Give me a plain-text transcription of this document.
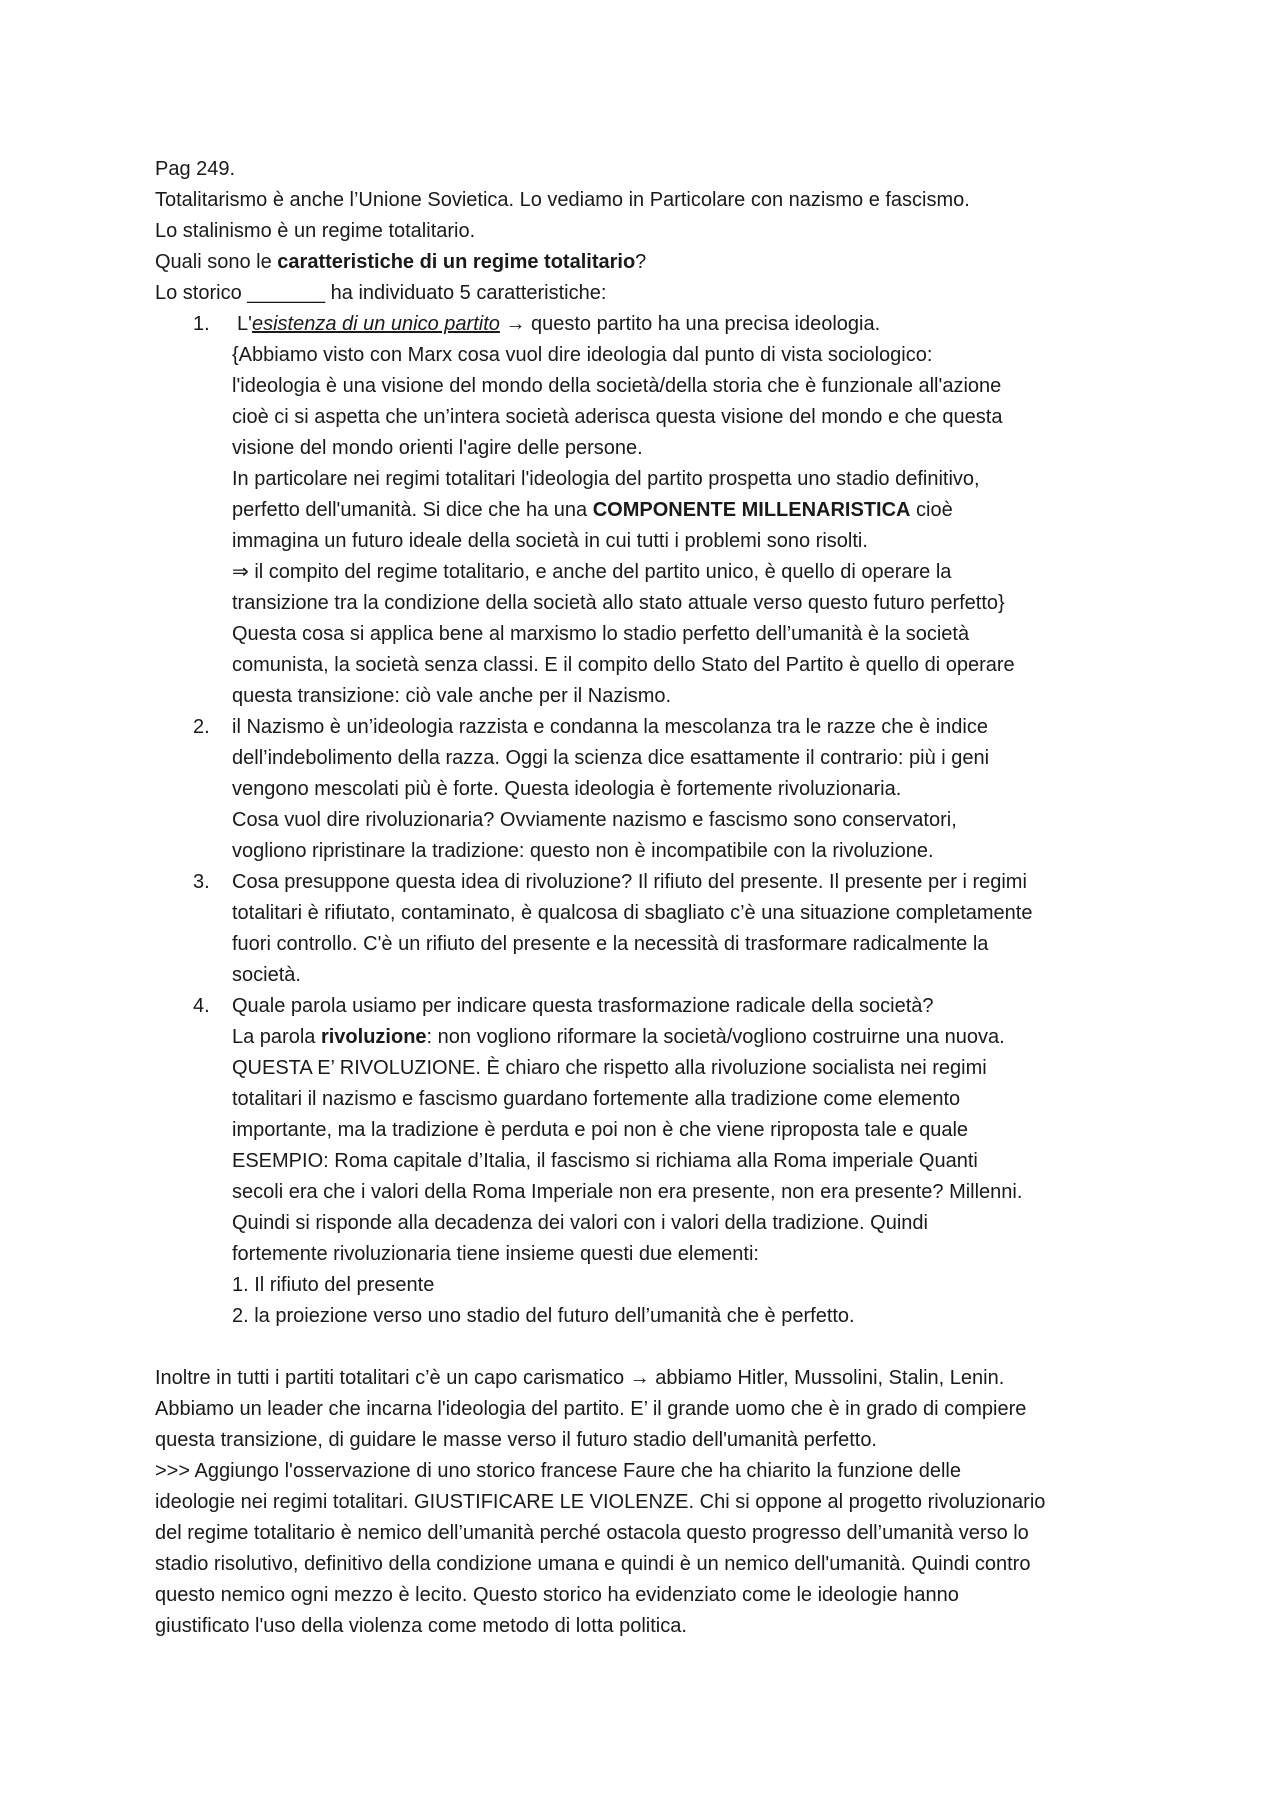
Pag 249.
Totalitarismo è anche l’Unione Sovietica. Lo vediamo in Particolare con nazismo e fascismo.
Lo stalinismo è un regime totalitario.
Quali sono le caratteristiche di un regime totalitario?
Lo storico _______ ha individuato 5 caratteristiche:
1. L'esistenza di un unico partito → questo partito ha una precisa ideologia.
{Abbiamo visto con Marx cosa vuol dire ideologia dal punto di vista sociologico:
l'ideologia è una visione del mondo della società/della storia che è funzionale all'azione
cioè ci si aspetta che un’intera società aderisca questa visione del mondo e che questa
visione del mondo orienti l'agire delle persone.
In particolare nei regimi totalitari l'ideologia del partito prospetta uno stadio definitivo,
perfetto dell'umanità. Si dice che ha una COMPONENTE MILLENARISTICA cioè
immagina un futuro ideale della società in cui tutti i problemi sono risolti.
⇒ il compito del regime totalitario, e anche del partito unico, è quello di operare la
transizione tra la condizione della società allo stato attuale verso questo futuro perfetto}
Questa cosa si applica bene al marxismo lo stadio perfetto dell’umanità è la società
comunista, la società senza classi. E il compito dello Stato del Partito è quello di operare
questa transizione: ciò vale anche per il Nazismo.
2. il Nazismo è un’ideologia razzista e condanna la mescolanza tra le razze che è indice
dell’indebolimento della razza. Oggi la scienza dice esattamente il contrario: più i geni
vengono mescolati più è forte. Questa ideologia è fortemente rivoluzionaria.
Cosa vuol dire rivoluzionaria? Ovviamente nazismo e fascismo sono conservatori,
vogliono ripristinare la tradizione: questo non è incompatibile con la rivoluzione.
3. Cosa presuppone questa idea di rivoluzione? Il rifiuto del presente. Il presente per i regimi
totalitari è rifiutato, contaminato, è qualcosa di sbagliato c’è una situazione completamente
fuori controllo. C'è un rifiuto del presente e la necessità di trasformare radicalmente la
società.
4. Quale parola usiamo per indicare questa trasformazione radicale della società?
La parola rivoluzione: non vogliono riformare la società/vogliono costruirne una nuova.
QUESTA E’ RIVOLUZIONE. È chiaro che rispetto alla rivoluzione socialista nei regimi
totalitari il nazismo e fascismo guardano fortemente alla tradizione come elemento
importante, ma la tradizione è perduta e poi non è che viene riproposta tale e quale
ESEMPIO: Roma capitale d’Italia, il fascismo si richiama alla Roma imperiale Quanti
secoli era che i valori della Roma Imperiale non era presente, non era presente? Millenni.
Quindi si risponde alla decadenza dei valori con i valori della tradizione. Quindi
fortemente rivoluzionaria tiene insieme questi due elementi:
1. Il rifiuto del presente
2. la proiezione verso uno stadio del futuro dell’umanità che è perfetto.
Inoltre in tutti i partiti totalitari c’è un capo carismatico → abbiamo Hitler, Mussolini, Stalin, Lenin.
Abbiamo un leader che incarna l'ideologia del partito. E’ il grande uomo che è in grado di compiere
questa transizione, di guidare le masse verso il futuro stadio dell'umanità perfetto.
>>> Aggiungo l'osservazione di uno storico francese Faure che ha chiarito la funzione delle
ideologie nei regimi totalitari. GIUSTIFICARE LE VIOLENZE. Chi si oppone al progetto rivoluzionario
del regime totalitario è nemico dell’umanità perché ostacola questo progresso dell’umanità verso lo
stadio risolutivo, definitivo della condizione umana e quindi è un nemico dell'umanità. Quindi contro
questo nemico ogni mezzo è lecito. Questo storico ha evidenziato come le ideologie hanno
giustificato l'uso della violenza come metodo di lotta politica.
